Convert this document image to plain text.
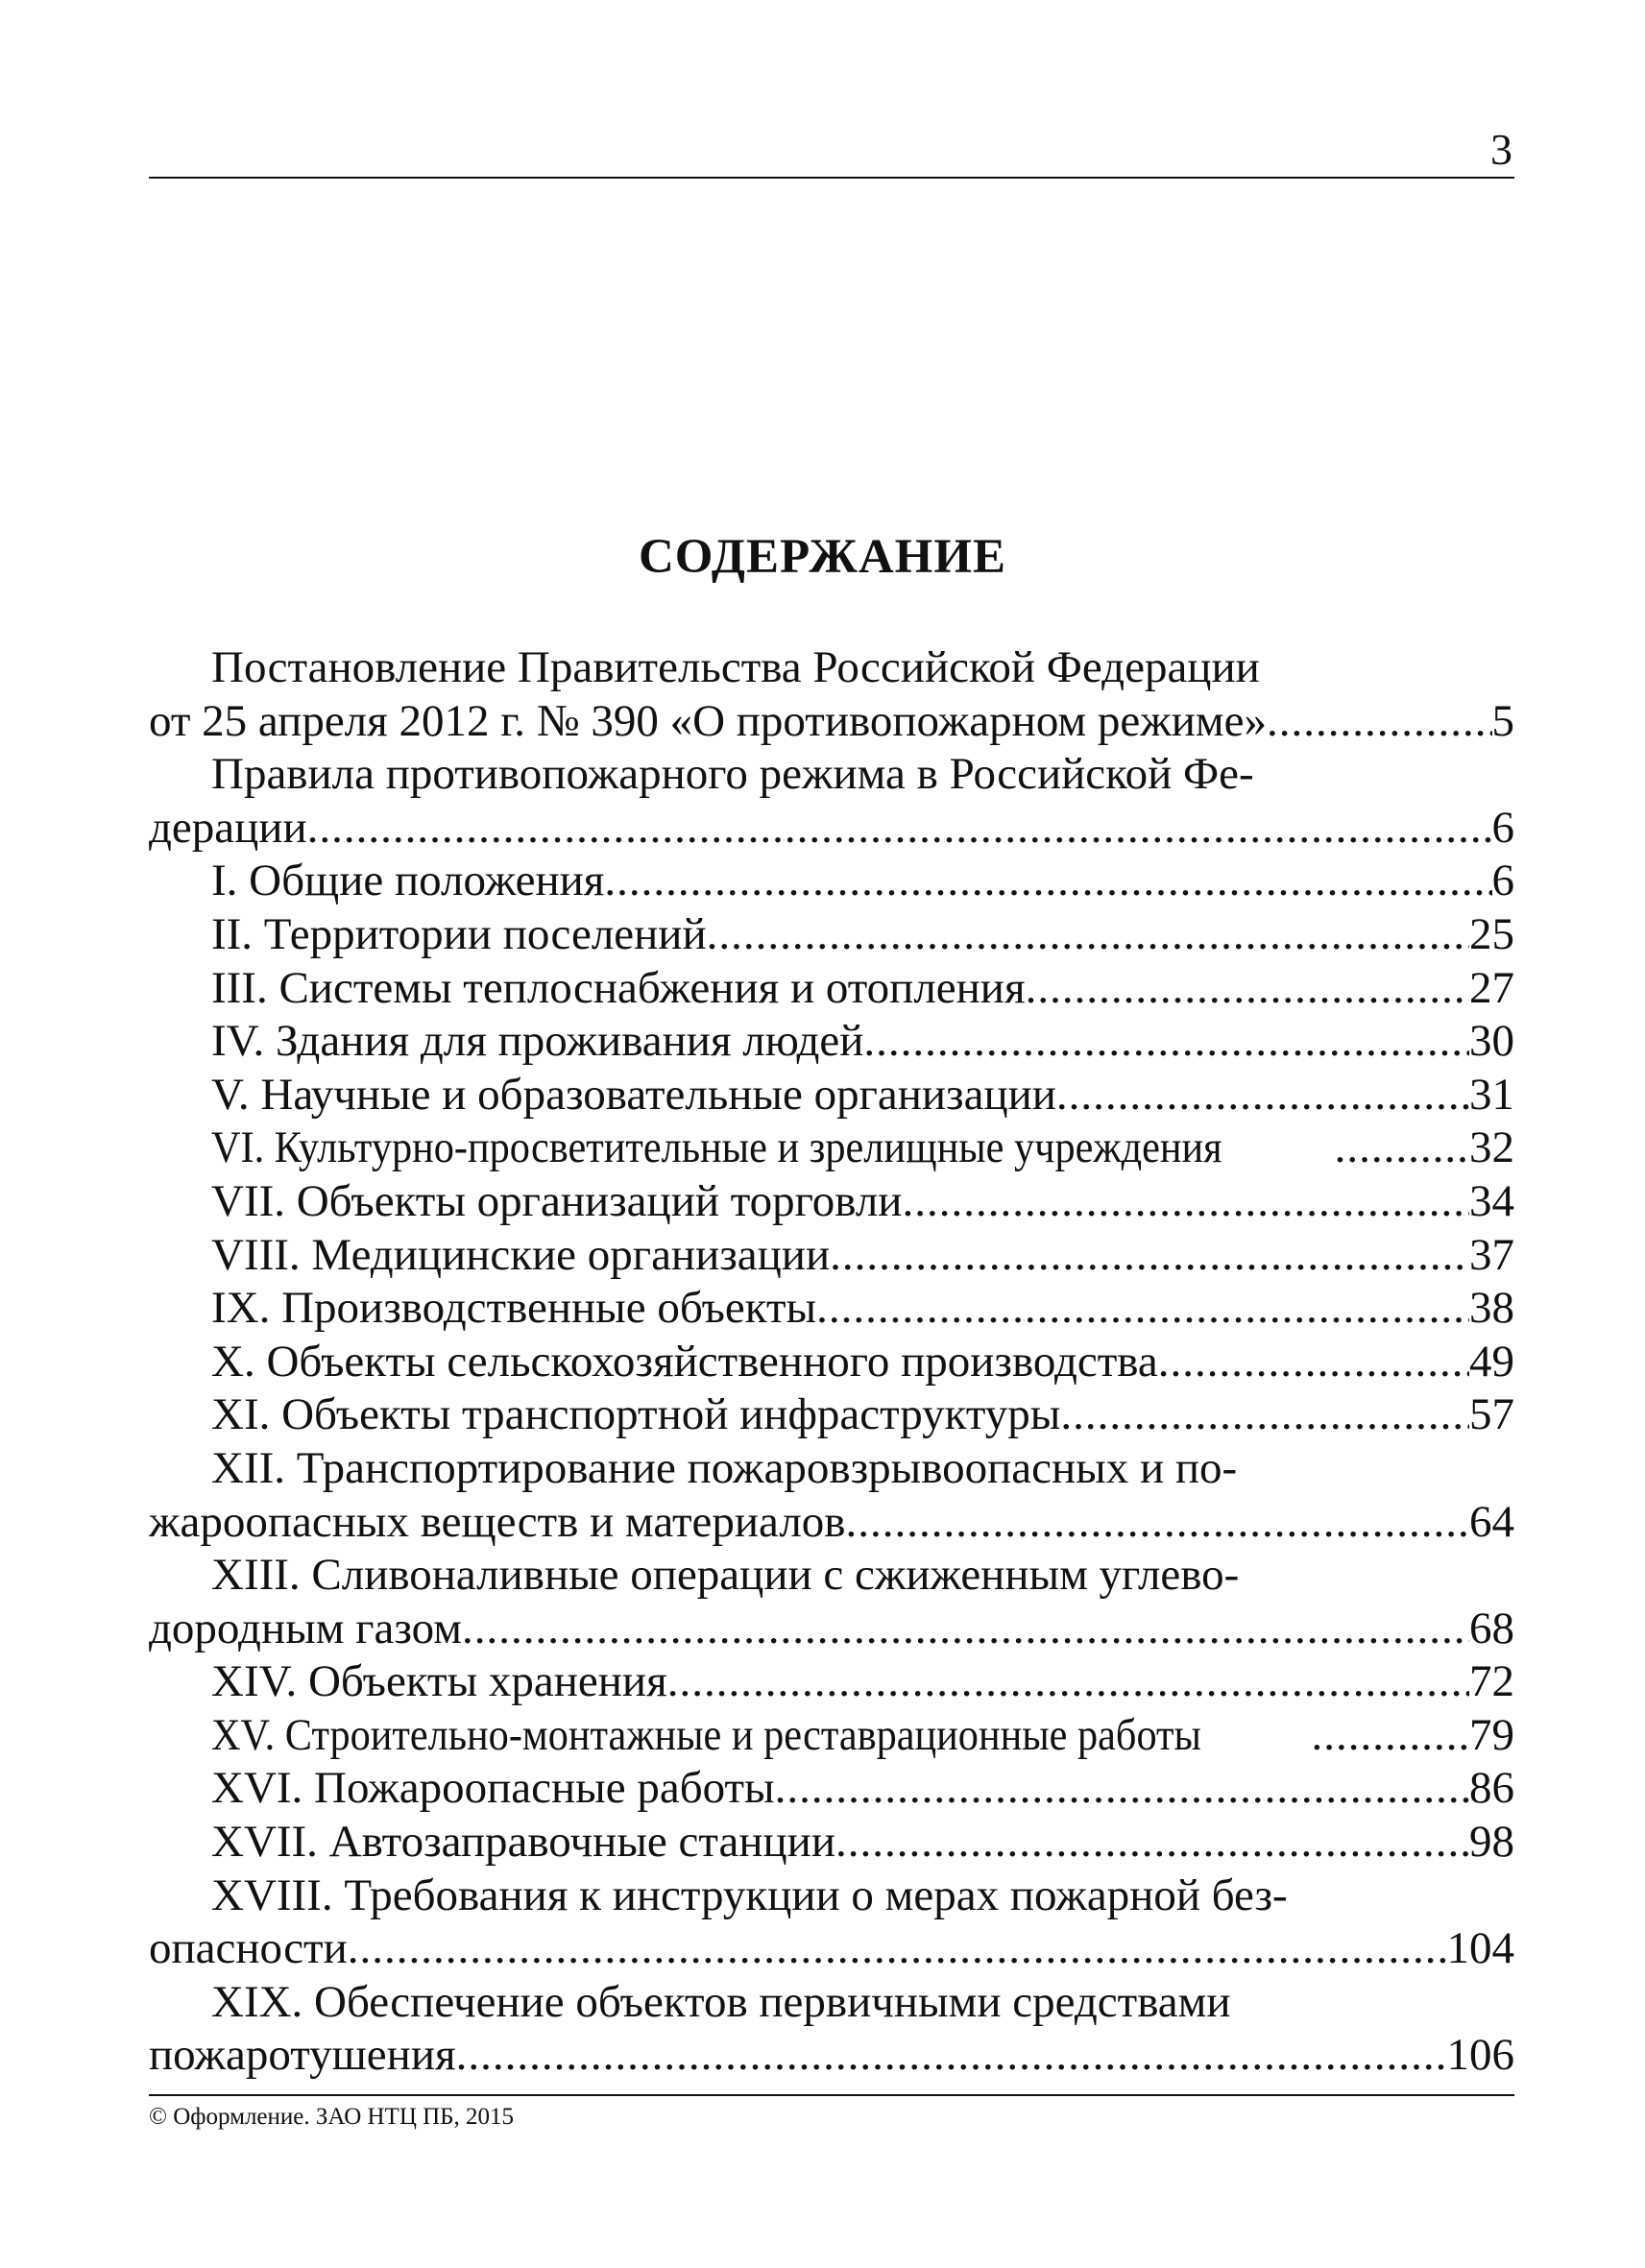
3
СОДЕРЖАНИЕ
Постановление Правительства Российской Федерации
от 25 апреля 2012 г. № 390 «О противопожарном режиме» .....	5
Правила противопожарного режима в Российской Фе-
дерации .....	6
I. Общие положения .....	6
II. Территории поселений .....	25
III. Системы теплоснабжения и отопления .....	27
IV. Здания для проживания людей .....	30
V. Научные и образовательные организации .....	31
VI. Культурно-просветительные и зрелищные учреждения .....	32
VII. Объекты организаций торговли .....	34
VIII. Медицинские организации .....	37
IX. Производственные объекты .....	38
X. Объекты сельскохозяйственного производства .....	49
XI. Объекты транспортной инфраструктуры .....	57
XII. Транспортирование пожаровзрывоопасных и по-
жароопасных веществ и материалов .....	64
XIII. Сливоналивные операции с сжиженным углево-
дородным газом .....	68
XIV. Объекты хранения .....	72
XV. Строительно-монтажные и реставрационные работы .....	79
XVI. Пожароопасные работы .....	86
XVII. Автозаправочные станции .....	98
XVIII. Требования к инструкции о мерах пожарной без-
опасности .....	104
XIX. Обеспечение объектов первичными средствами
пожаротушения .....	106
© Оформление. ЗАО НТЦ ПБ, 2015
